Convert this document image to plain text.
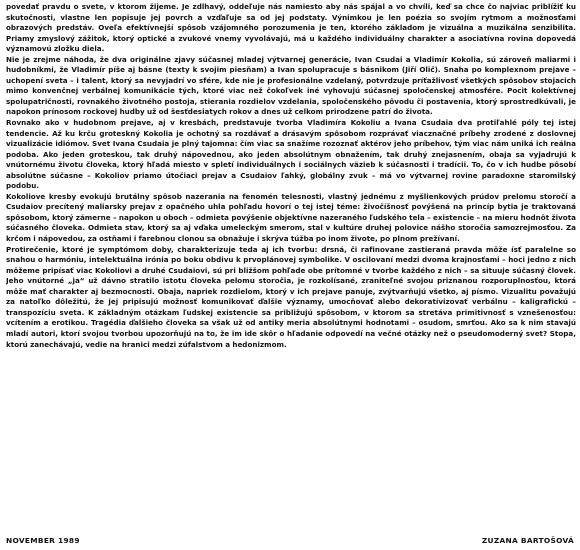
povedať pravdu o svete, v ktorom žijeme. Je zdlhavý, oddeľuje nás namiesto aby nás spájal a vo chvíli, keď sa chce čo najviac priblížiť ku skutočnosti, vlastne len popisuje jej povrch a vzďaľuje sa od jej podstaty. Výnimkou je len poézia so svojím rytmom a možnosťami obrazových predstáv. Oveľa efektívnejší spôsob vzájomného porozumenia je ten, ktorého základom je vizuálna a muzikálna senzibilita. Priamy zmyslový zážitok, ktorý optické a zvukové vnemy vyvolávajú, má u každého individuálny charakter a asociatívna rovina dopovedá významovú zložku diela.

Nie je zrejme náhoda, že dva originálne zjavy súčasnej mladej výtvarnej generácie, Ivan Csudai a Vladimír Kokolia, sú zároveň maliarmi i hudobníkmi, že Vladimír píše aj básne (texty k svojim piesňam) a Ivan spolupracuje s básnikom (Jiří Olič). Snaha po komplexnom prejave – uchopení sveta – i talent, ktorý sa nevyjadrí vo sfére, kde nie je profesionálne vzdelaný, potvrdzuje príťažlivosť všetkých spôsobov stojacich mimo konvenčnej verbálnej komunikácie tých, ktoré viac než čokoľvek iné vyhovujú súčasnej spoločenskej atmosfére. Pocit kolektívnej spolupatričnosti, rovnakého životného postoja, stierania rozdielov vzdelania, spoločenského pôvodu či postavenia, ktorý sprostredkúvali, je napokon prínosom rockovej hudby už od šesťdesiatych rokov a dnes už celkom prirodzene patrí do života.

Rovnako ako v hudobnom prejave, aj v kresbách, predstavuje tvorba Vladimíra Kokoliu a Ivana Csudaia dva protiľahlé póly tej istej tendencie. Až ku krču groteskný Kokolia je ochotný sa rozdávať a drásavým spôsobom rozprávať viacznačné príbehy zrodené z doslovnej vizualizácie idiómov. Svet Ivana Csudaia je plný tajomna: čím viac sa snažíme rozoznať aktérov jeho príbehov, tým viac nám uniká ich reálna podoba. Ako jeden groteskou, tak druhý nápovednou, ako jeden absolútnym obnažením, tak druhý znejasnením, obaja sa vyjadrujú k vnútornému životu človeka, ktorý hľadá miesto v spletí individuálnych i sociálnych väzieb k súčasnosti i tradícii. To, čo v ich hudbe pôsobí absolútne súčasne – Kokoliov priamo útočiaci prejav a Csudaiov ľahký, globálny zvuk – má vo výtvarnej rovine paradoxne staromilský podobu.

Kokoliove kresby evokujú brutálny spôsob nazerania na fenomén telesnosti, vlastný jednému z myšlienkových prúdov prelomu storočí a Csudaiov precítený maliarsky prejav z opačného uhla pohľadu hovorí o tej istej téme: živočíšnosť povýšená na princíp bytia je traktovaná spôsobom, ktorý zámerne – napokon u oboch – odmieta povýšenie objektívne nazeraného ľudského tela – existencie – na mieru hodnôt života súčasného človeka. Odmieta stav, ktorý sa aj vďaka umeleckým smerom, stal v kultúre druhej polovice nášho storočia samozrejmosťou. Za krčom i nápovedou, za ostňami i farebnou clonou sa obnažuje i skrýva túžba po inom živote, po plnom prežívaní.

Protirečenie, ktoré je symptómom doby, charakterizuje teda aj ich tvorbu: drsná, či rafinovane zastieraná pravda môže ísť paralelne so snahou o harmóniu, intelektuálna irónia po boku obdivu k prvoplánovej symbolike. V oscilovaní medzi dvoma krajnosťami – hoci jedno z nich môžeme pripísať viac Kokoliovi a druhé Csudaiovi, sú pri bližšom pohľade obe prítomné v tvorbe každého z nich – sa situuje súčasný človek. Jeho vnútorné „ja“ už dávno stratilo istotu človeka pelomu storočia, je rozkolísané, zraniteľné svojou priznanou rozporuplnosťou, ktorá môže mať charakter aj bezmocnosti. Obaja, napriek rozdielom, ktorý v ich prejave panuje, zvýtvarňujú všetko, aj písmo. Vizualitu považujú za natoľko dôležitú, že jej pripisujú možnosť komunikovať ďalšie významy, umocňovať alebo dekoratívizovať verbálnu – kaligrafickú – transpozíciu sveta. K základným otázkam ľudskej existencie sa približujú spôsobom, v ktorom sa stretáva primitivnosť s vznešenosťou: vcítením a erotikou. Tragédia ďalšieho človeka sa však už od antiky meria absolútnymi hodnotami – osudom, smrťou. Ako sa k nim stavajú mladí autori, ktorí svojou tvorbou upozorňujú na to, že im ide skôr o hľadanie odpovedí na večné otázky než o pseudomoderný svet? Stopa, ktorú zanechávajú, vedie na hranici medzi zúfalstvom a hedonizmom.

NOVEMBER 1989	ZUZANA BARTOŠOVÁ
